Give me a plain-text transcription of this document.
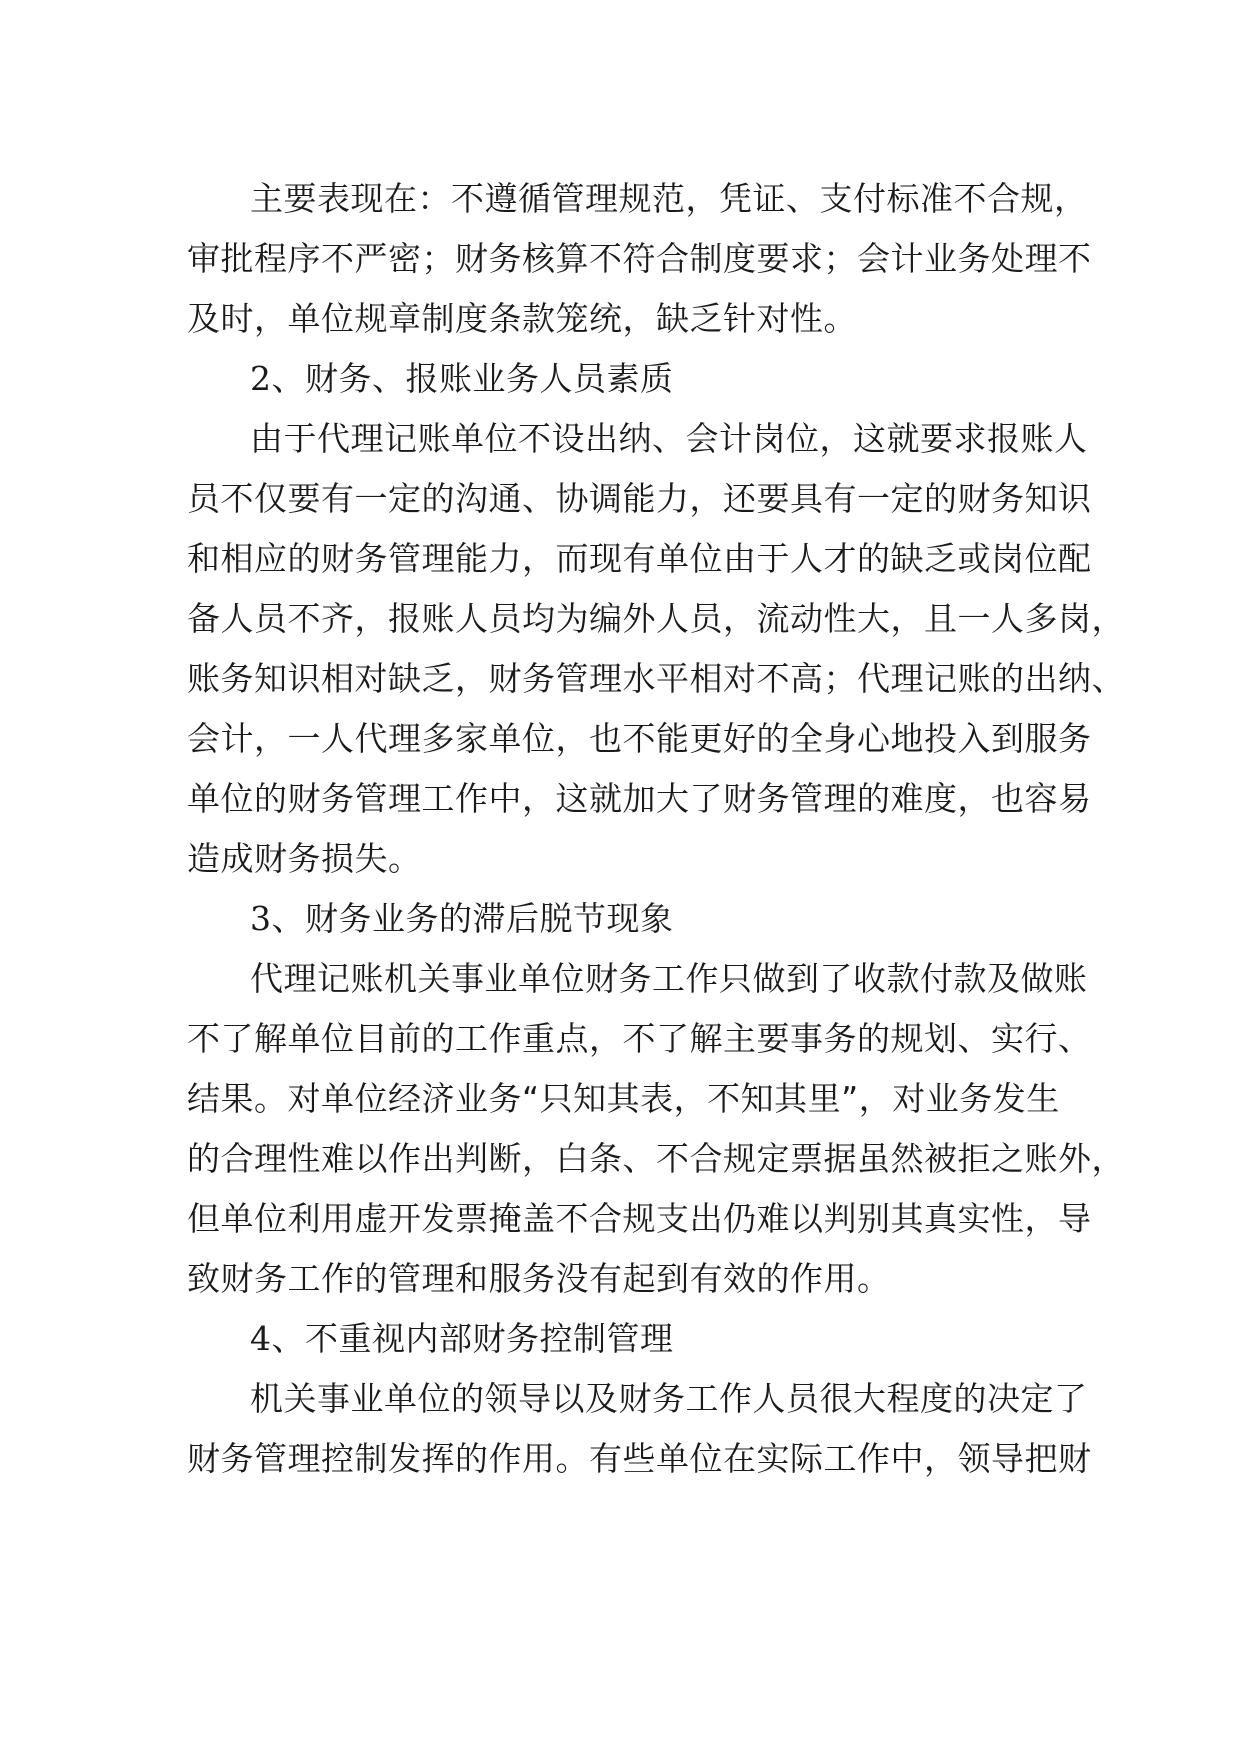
主要表现在：不遵循管理规范，凭证、支付标准不合规，
审批程序不严密；财务核算不符合制度要求；会计业务处理不
及时，单位规章制度条款笼统，缺乏针对性。
2、财务、报账业务人员素质
由于代理记账单位不设出纳、会计岗位，这就要求报账人
员不仅要有一定的沟通、协调能力，还要具有一定的财务知识
和相应的财务管理能力，而现有单位由于人才的缺乏或岗位配
备人员不齐，报账人员均为编外人员，流动性大，且一人多岗，
账务知识相对缺乏，财务管理水平相对不高；代理记账的出纳、
会计，一人代理多家单位，也不能更好的全身心地投入到服务
单位的财务管理工作中，这就加大了财务管理的难度，也容易
造成财务损失。
3、财务业务的滞后脱节现象
代理记账机关事业单位财务工作只做到了收款付款及做账
不了解单位目前的工作重点，不了解主要事务的规划、实行、
结果。对单位经济业务“只知其表，不知其里”，对业务发生
的合理性难以作出判断，白条、不合规定票据虽然被拒之账外，
但单位利用虚开发票掩盖不合规支出仍难以判别其真实性，导
致财务工作的管理和服务没有起到有效的作用。
4、不重视内部财务控制管理
机关事业单位的领导以及财务工作人员很大程度的决定了
财务管理控制发挥的作用。有些单位在实际工作中，领导把财
